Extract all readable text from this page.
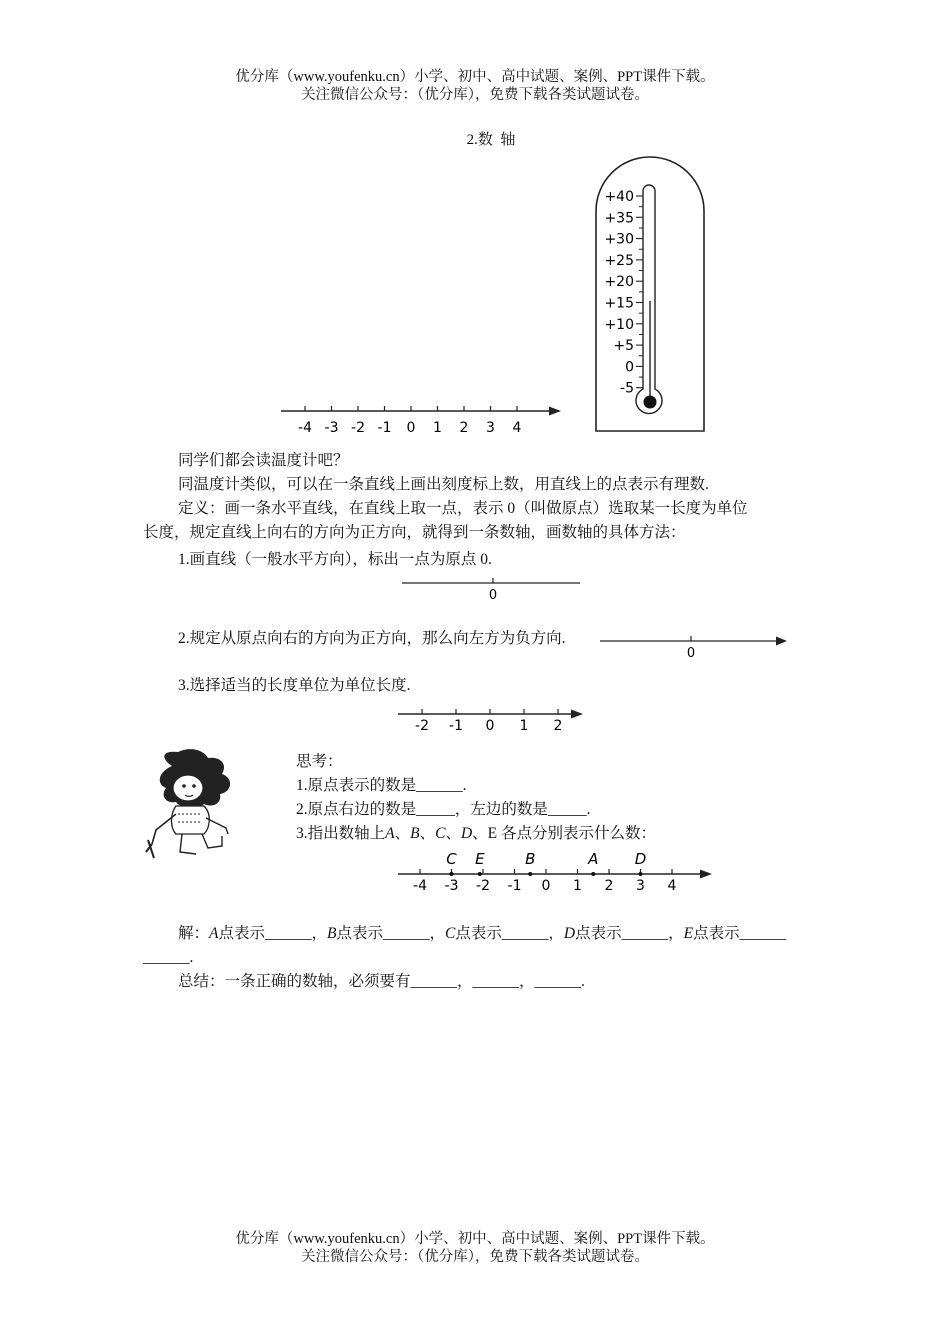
优分库（www.youfenku.cn）小学、初中、高中试题、案例、PPT课件下载。
关注微信公众号：（优分库），免费下载各类试题试卷。
2.数  轴
-4 -3 -2 -1 0 1 2 3 4
+40
+35
+30
+25
+20
+15
+10
+5
0
-5
同学们都会读温度计吧？
同温度计类似，可以在一条直线上画出刻度标上数，用直线上的点表示有理数.
定义：画一条水平直线，在直线上取一点，表示 0（叫做原点）选取某一长度为单位
长度，规定直线上向右的方向为正方向，就得到一条数轴，画数轴的具体方法：
1.画直线（一般水平方向），标出一点为原点 0.
0
2.规定从原点向右的方向为正方向，那么向左方为负方向.
0
3.选择适当的长度单位为单位长度.
-2 -1 0 1 2
思考：
1.原点表示的数是______.
2.原点右边的数是_____，左边的数是_____.
3.指出数轴上A、B、C、D、E 各点分别表示什么数：
-4 -3 -2 -1 0 1 2 3 4
C E	B	A D
解：A点表示______，B点表示______，C点表示______，D点表示______，E点表示______
______.
总结：一条正确的数轴，必须要有______，______，______.
优分库（www.youfenku.cn）小学、初中、高中试题、案例、PPT课件下载。
关注微信公众号：（优分库），免费下载各类试题试卷。
